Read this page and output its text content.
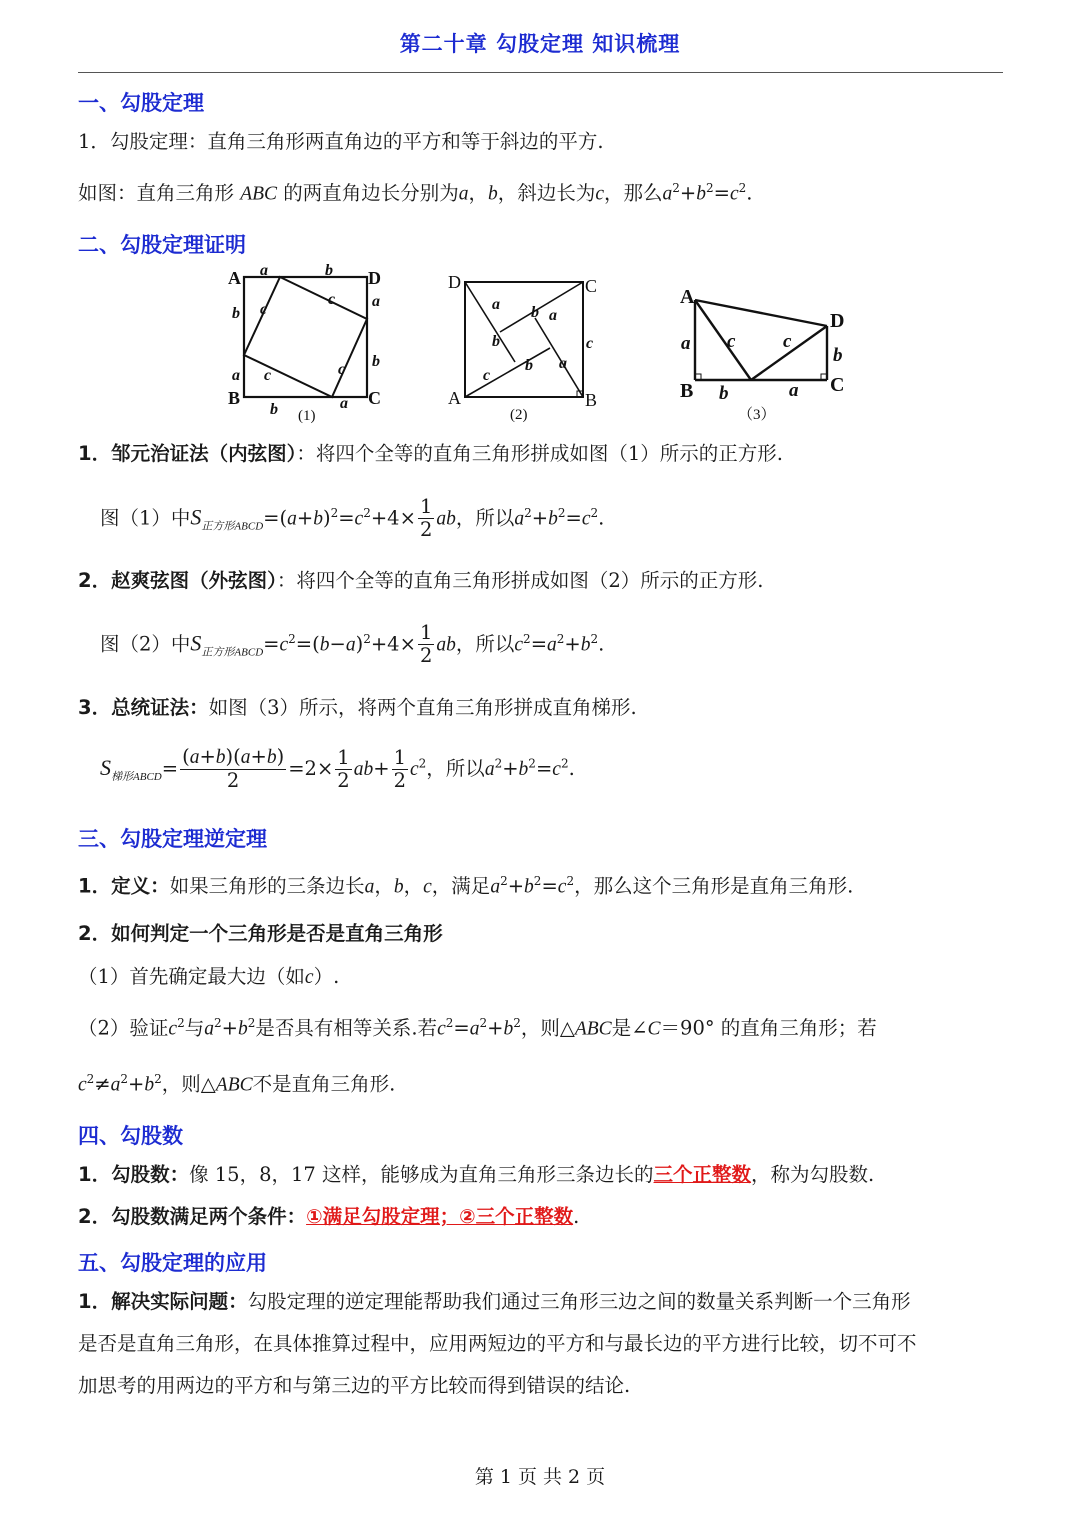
第二十章 勾股定理 知识梳理
一、勾股定理
1．勾股定理：直角三角形两直角边的平方和等于斜边的平方.
如图：直角三角形 ABC 的两直角边长分别为a，b，斜边长为c，那么$a^2+b^2=c^2$.
二、勾股定理证明
A	D
B	C
a	b
b
a
a
b
b	a
c
c
c	c
(1)
D	C
A	B
a b a
b	c
b a
c
(2)
A
D
B	C
a
b
b	a
c	c
（3）
1．邹元治证法（内弦图）：将四个全等的直角三角形拼成如图（1）所示的正方形.
图（1）中$S_{正方形ABCD}=(a+b)^2=c^2+4\times \frac{1}{2}$ ab，所以$a^2+b^2=c^2$.
2．赵爽弦图（外弦图）：将四个全等的直角三角形拼成如图（2）所示的正方形.
图（2）中$S_{正方形ABCD}=c^2=(b-a)^2+4\times \frac{1}{2}$ ab，所以$c^2=a^2+b^2$.
3．总统证法：如图（3）所示，将两个直角三角形拼成直角梯形.
$S_{梯形ABCD}= \frac{(a+b)(a+b)}{2} =2\times \frac{1}{2} ab+ \frac{1}{2} c^2$，所以$a^2+b^2=c^2$.
三、勾股定理逆定理
1．定义：如果三角形的三条边长a，b，c，满足$a^2+b^2=c^2$，那么这个三角形是直角三角形.
2．如何判定一个三角形是否是直角三角形
（1）首先确定最大边（如c）.
（2）验证$c^2$与$a^2+b^2$是否具有相等关系.若$c^2=a^2+b^2$，则△ABC是∠C＝90° 的直角三角形；若
$c^2\ne a^2+b^2$，则△ABC不是直角三角形.
四、勾股数
1．勾股数：像 15，8，17 这样，能够成为直角三角形三条边长的三个正整数，称为勾股数.
2．勾股数满足两个条件：①满足勾股定理；②三个正整数.
五、勾股定理的应用
1．解决实际问题：勾股定理的逆定理能帮助我们通过三角形三边之间的数量关系判断一个三角形
是否是直角三角形，在具体推算过程中，应用两短边的平方和与最长边的平方进行比较，切不可不
加思考的用两边的平方和与第三边的平方比较而得到错误的结论.
第 1 页 共 2 页
